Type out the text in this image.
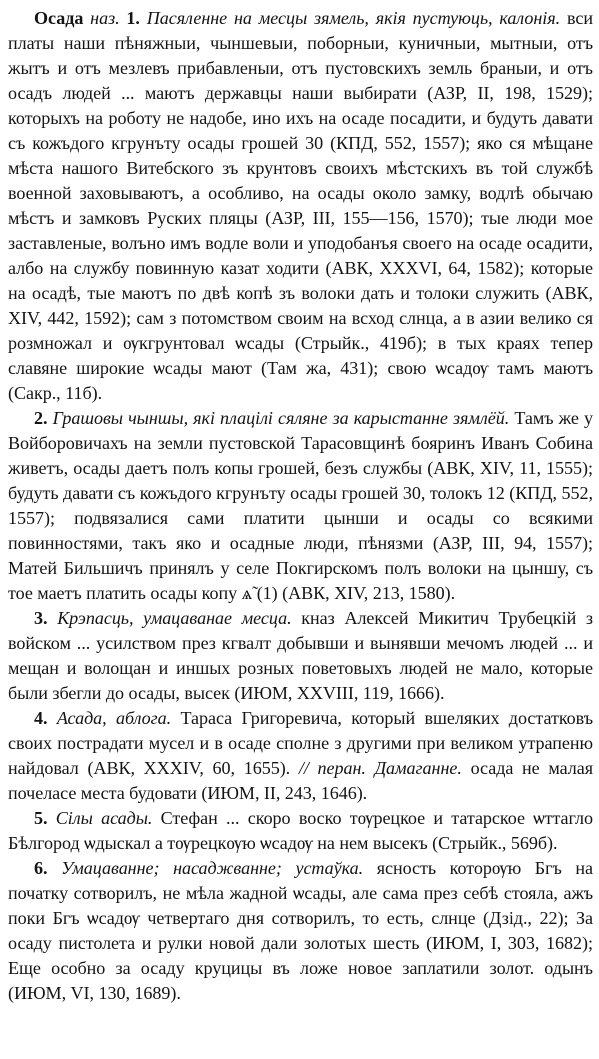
Осада наз. 1. Пасяленне на месцы зямель, якія пустуюць, калонія. вси платы наши пѣняжныи, чыншевыи, поборныи, куничныи, мытныи, отъ жытъ и отъ мезлевъ прибавленыи, отъ пустовскихъ земль браныи, и отъ осадъ людей ... маютъ державцы наши выбирати (АЗР, II, 198, 1529); которыхъ на роботу не надобе, ино ихъ на осаде посадити, и будуть давати съ кожъдого кгрунъту осады грошей 30 (КПД, 552, 1557); яко ся мѣщане мѣста нашого Витебского зъ крунтовъ своихъ мѣстскихъ въ той службѣ военной заховываютъ, а особливо, на осады около замку, водлѣ обычаю мѣстъ и замковъ Руских пляцы (АЗР, III, 155—156, 1570); тые люди мое заставленые, волъно имъ водле воли и уподобанъя своего на осаде осадити, албо на службу повинную казат ходити (АВК, XXXVI, 64, 1582); которые на осадѣ, тые маютъ по двѣ копѣ зъ волоки дать и толоки служить (АВК, XIV, 442, 1592); сам з потомством своим на всход слнца, а в азии велико ся розмножал и ѹкгрунтовал ѡсады (Стрыйк., 419б); в тых краях тепер славяне широкие ѡсады мают (Там жа, 431); свою ѡсадѹ тамъ маютъ (Сакр., 11б).

2. Грашовы чыншы, які плацілі сяляне за карыстанне зямлёй. Тамъ же у Войборовичахъ на земли пустовской Тарасовщинѣ бояринъ Иванъ Собина живетъ, осады даетъ полъ копы грошей, безъ службы (АВК, XIV, 11, 1555); будуть давати съ кожъдого кгрунъту осады грошей 30, толокъ 12 (КПД, 552, 1557); подвязалися сами платити цынши и осады со всякими повинностями, такъ яко и осадные люди, пѣнязми (АЗР, III, 94, 1557); Матей Бильшичъ принялъ у селе Покгирскомъ полъ волоки на цыншу, съ тое маетъ платить осады копу ѧ̃ (1) (АВК, XIV, 213, 1580).

3. Крэпасць, умацаванае месца. кназ Алексей Микитич Трубецкій з войском ... усилством през кгвалт добывши и вынявши мечомъ людей ... и мещан и волощан и иншых розных поветовыхъ людей не мало, которые были збегли до осады, высек (ИЮМ, XXVIII, 119, 1666).

4. Асада, аблога. Тараса Григоревича, который вшеляких достатковъ своих пострадати мусел и в осаде сполне з другими при великом утрапеню найдовал (АВК, XXXIV, 60, 1655). // перан. Дамаганне. осада не малая почеласе места будовати (ИЮМ, II, 243, 1646).

5. Сілы асады. Стефан ... скоро воско тѹрецкое и татарское ѡттагло Бѣлгород ѡдыскал а тѹрецкѹю ѡсадѹ на нем высекъ (Стрыйк., 569б).

6. Умацаванне; насаджванне; устаўка. ясность которѹю Бгъ на початку сотворилъ, не мѣла жадной ѡсады, але сама през себѣ стояла, ажъ поки Бгъ ѡсадѹ четвертаго дня сотворилъ, то есть, слнце (Дзід., 22); За осаду пистолета и рулки новой дали золотых шесть (ИЮМ, I, 303, 1682); Еще особно за осаду круцицы въ ложе новое заплатили золот. одынъ (ИЮМ, VI, 130, 1689).
